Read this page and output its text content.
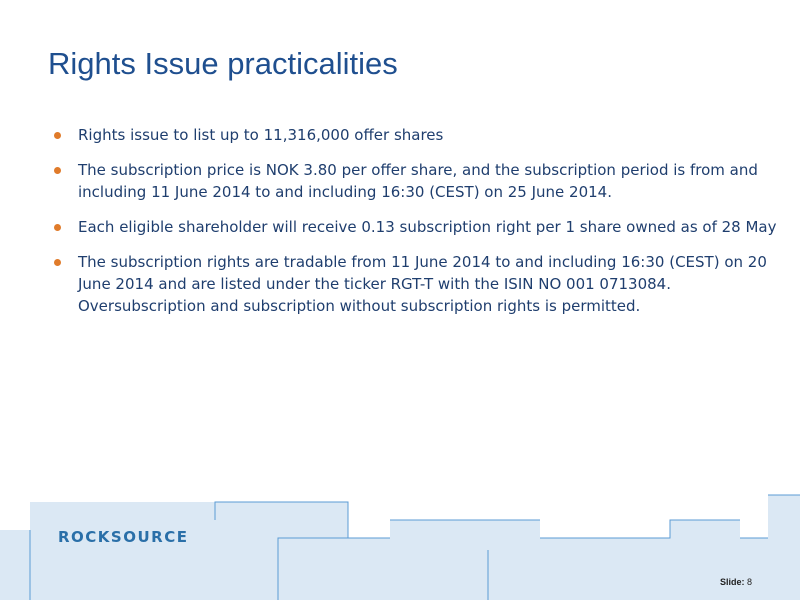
Rights Issue practicalities
Rights issue to list up to 11,316,000 offer shares
The subscription price is NOK 3.80 per offer share, and the subscription period is from and including 11 June 2014 to and including 16:30 (CEST) on 25 June 2014.
Each eligible shareholder will receive 0.13 subscription right per 1 share owned as of 28 May
The subscription rights are tradable from 11 June 2014 to and including 16:30 (CEST) on 20 June 2014 and are listed under the ticker RGT-T with the ISIN NO 001 0713084. Oversubscription and subscription without subscription rights is permitted.
ROCKSOURCE
Slide: 8
